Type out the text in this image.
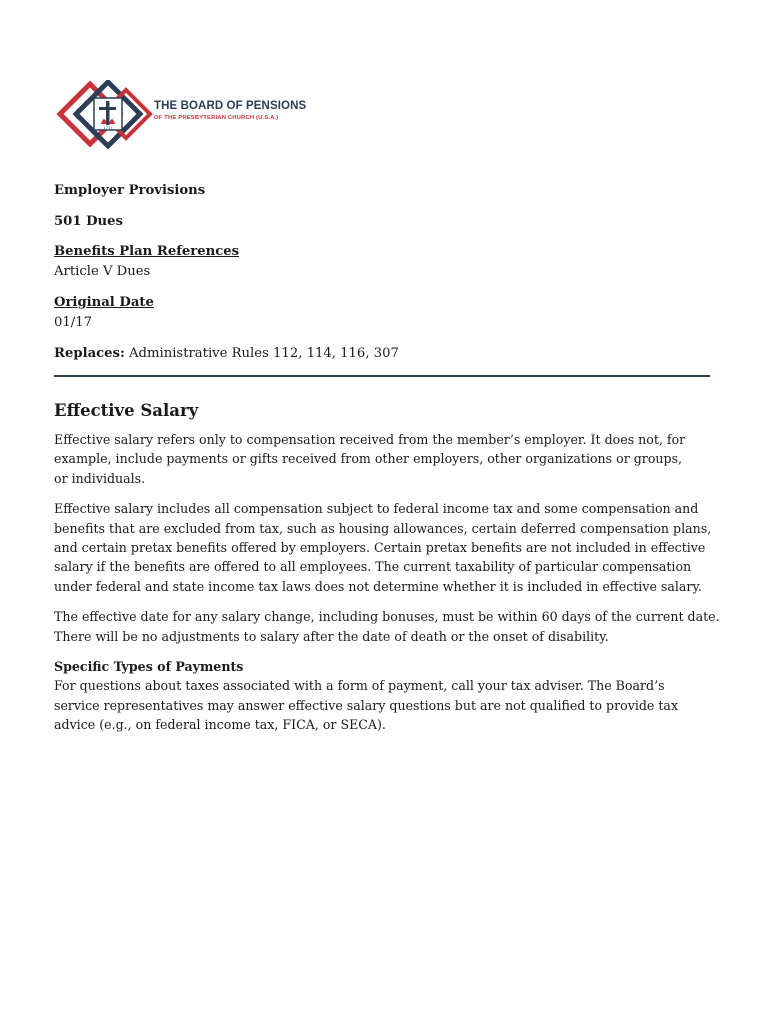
1717
THE BOARD OF PENSIONS
OF THE PRESBYTERIAN CHURCH (U.S.A.)

Employer Provisions

501 Dues

Benefits Plan References

Article V Dues

Original Date

01/17

Replaces: Administrative Rules 112, 114, 116, 307

Effective Salary

Effective salary refers only to compensation received from the member’s employer. It does not, for
example, include payments or gifts received from other employers, other organizations or groups,
or individuals.

Effective salary includes all compensation subject to federal income tax and some compensation and
benefits that are excluded from tax, such as housing allowances, certain deferred compensation plans,
and certain pretax benefits offered by employers. Certain pretax benefits are not included in effective
salary if the benefits are offered to all employees. The current taxability of particular compensation
under federal and state income tax laws does not determine whether it is included in effective salary.

The effective date for any salary change, including bonuses, must be within 60 days of the current date.
There will be no adjustments to salary after the date of death or the onset of disability.

Specific Types of Payments

For questions about taxes associated with a form of payment, call your tax adviser. The Board’s
service representatives may answer effective salary questions but are not qualified to provide tax
advice (e.g., on federal income tax, FICA, or SECA).
